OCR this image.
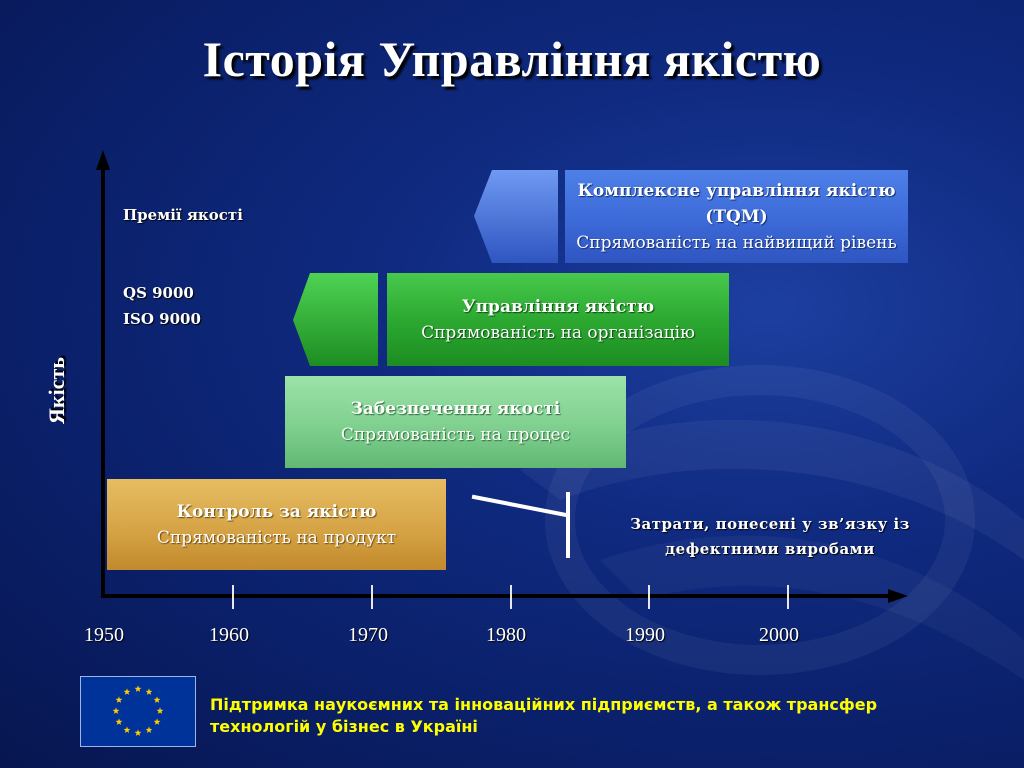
Історія Управління якістю
Якість
Премії якості
QS 9000
ISO 9000
Контроль за якістю
Спрямованість на продукт
Забезпечення якості
Спрямованість на процес
Управління якістю
Спрямованість на організацію
Комплексне управління якістю
(TQM)
Спрямованість на найвищий рівень
1950	1960	1970	1980	1990	2000
Затрати, понесені у зв’язку із
дефектними виробами
Підтримка наукоємних та інноваційних підприємств, а також трансфер
технологій у бізнес в Україні
